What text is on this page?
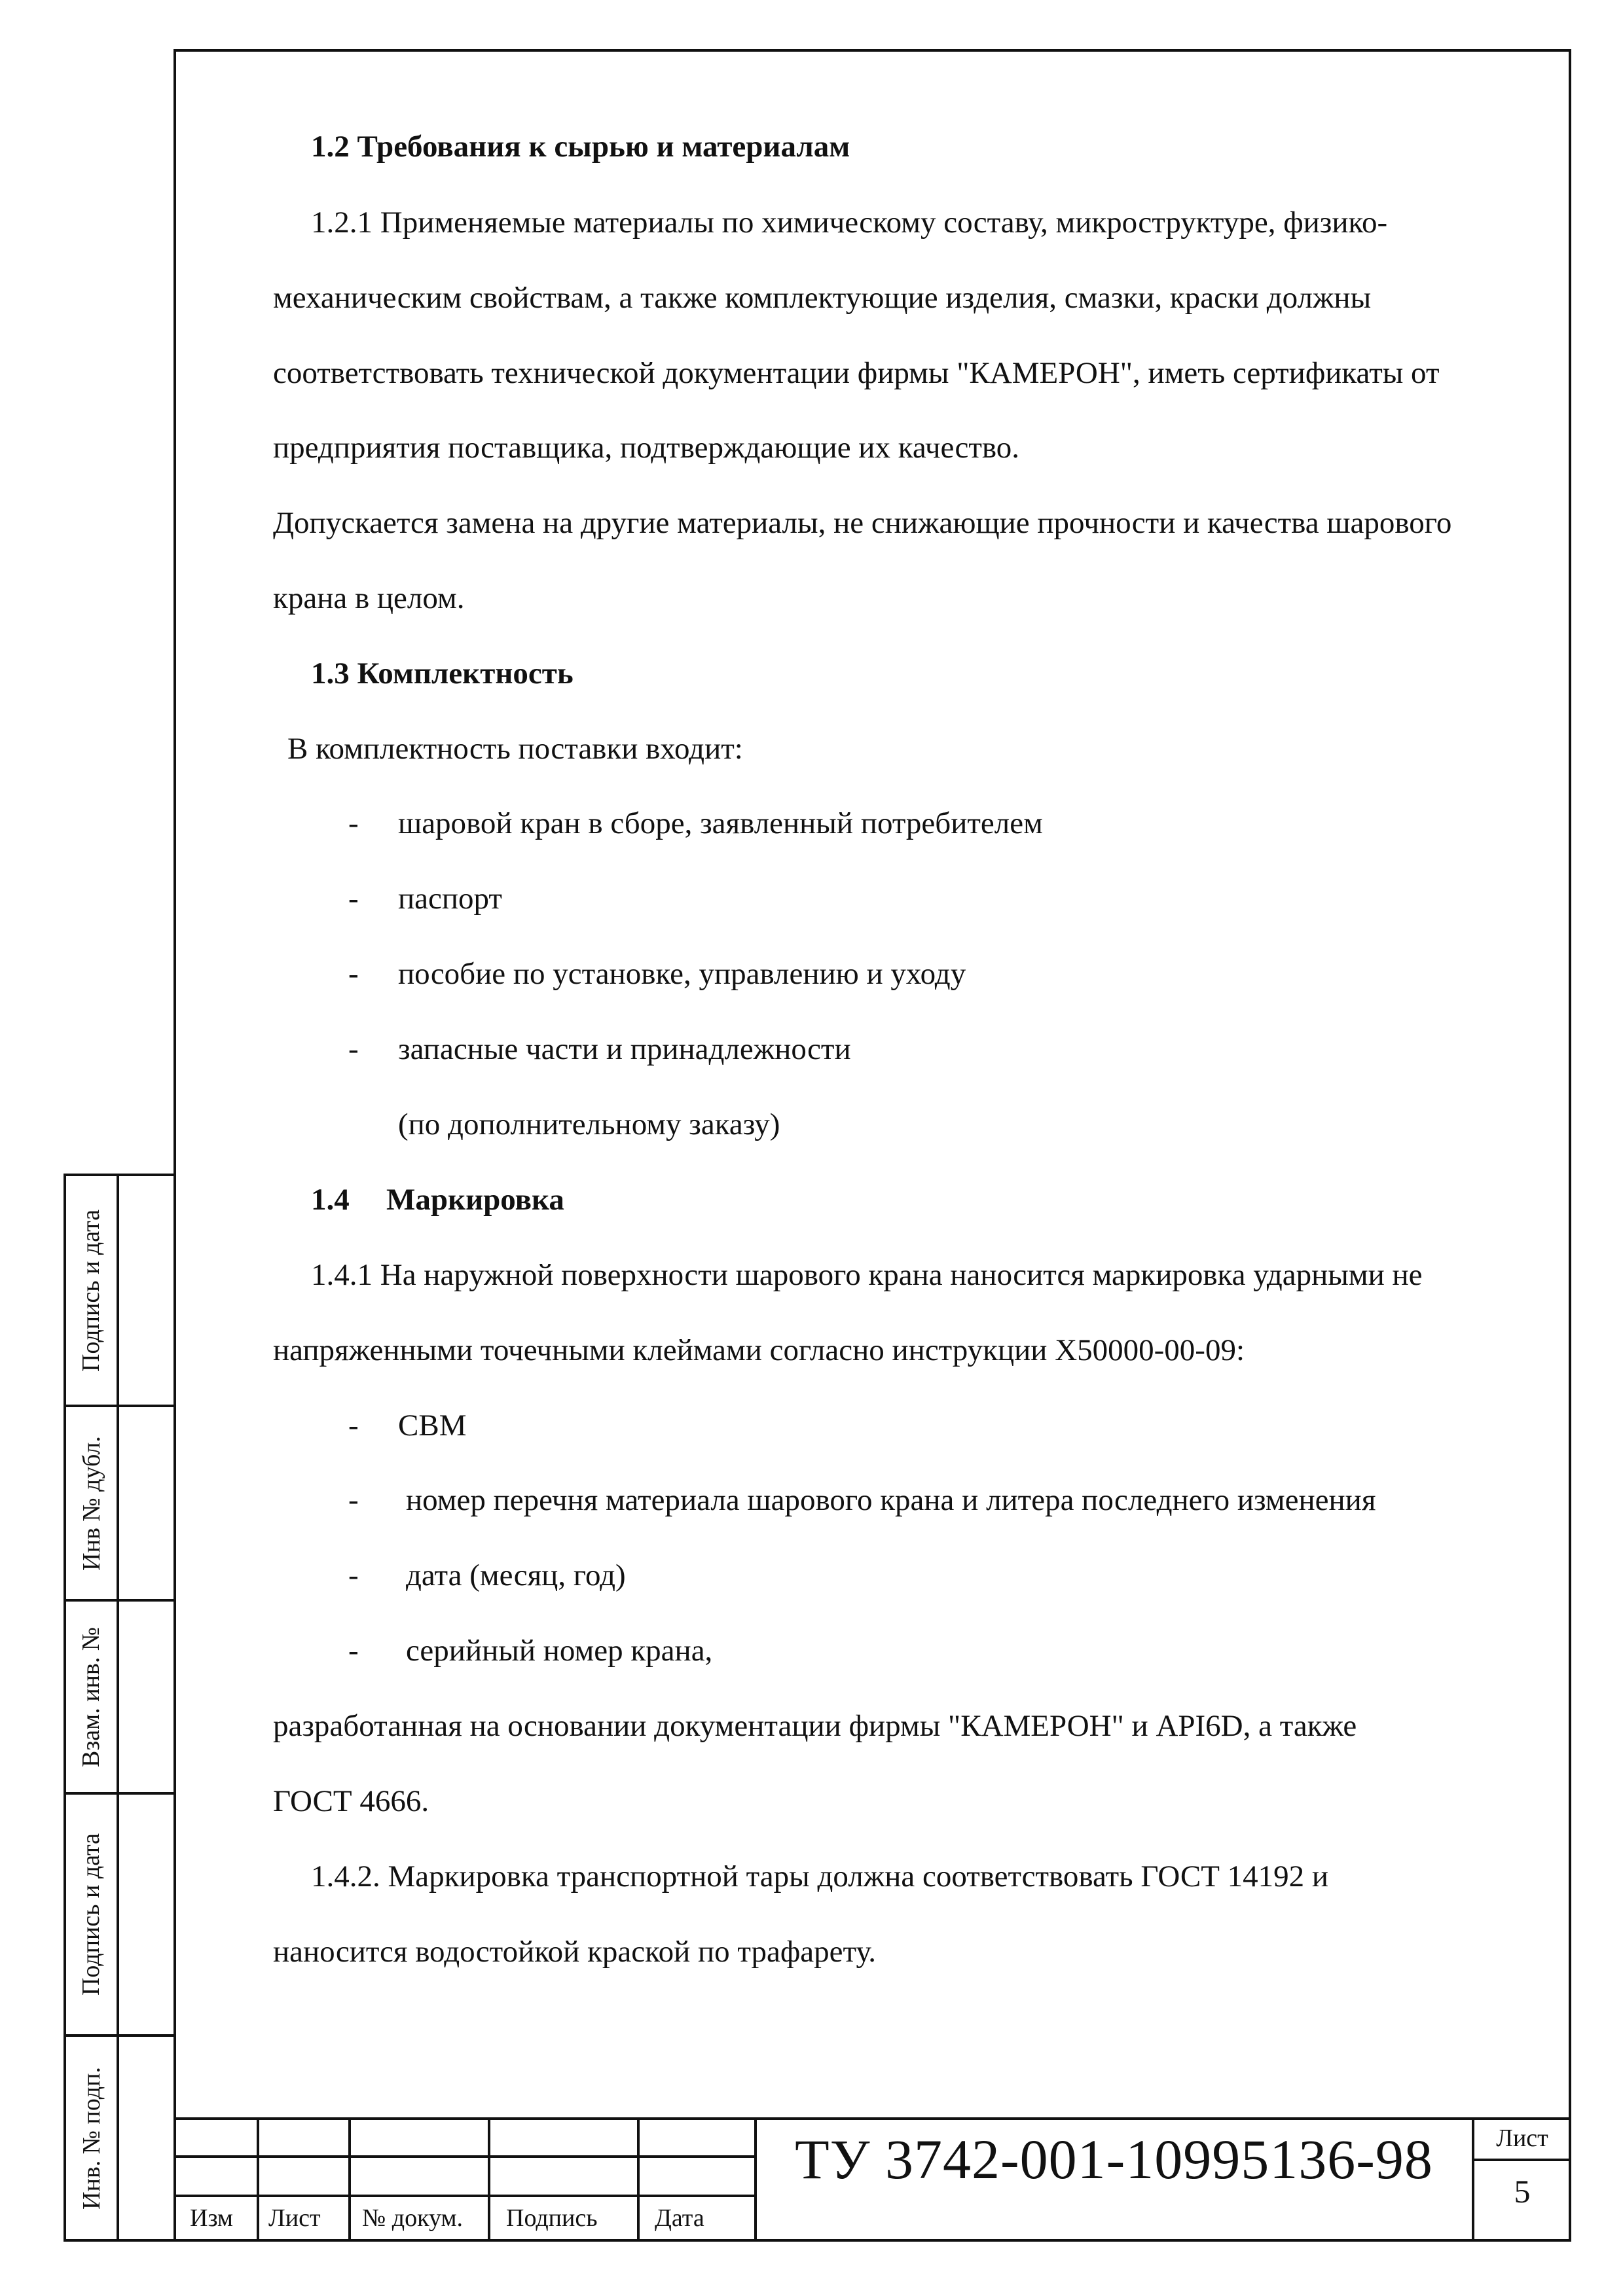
1.2 Требования к сырью и материалам

1.2.1 Применяемые материалы по химическому составу, микроструктуре, физико-

механическим свойствам, а также комплектующие изделия, смазки, краски должны

соответствовать технической документации фирмы "КАМЕРОН", иметь сертификаты от

предприятия поставщика, подтверждающие их качество.

Допускается замена на другие материалы, не снижающие прочности и качества шарового

крана в целом.

1.3 Комплектность

В комплектность поставки входит:

- шаровой кран в сборе, заявленный потребителем

- паспорт

- пособие по установке, управлению и уходу

- запасные части и принадлежности

(по дополнительному заказу)

1.4 Маркировка

1.4.1 На наружной поверхности шарового крана наносится маркировка ударными не

напряженными точечными клеймами согласно инструкции Х50000-00-09:

- СВМ

- номер перечня материала шарового крана и литера последнего изменения

- дата (месяц, год)

- серийный номер крана,

разработанная на основании документации фирмы "КАМЕРОН" и API6D, а также

ГОСТ 4666.

1.4.2. Маркировка транспортной тары должна соответствовать ГОСТ 14192 и

наносится водостойкой краской по трафарету.

Подпись и дата
Инв № дубл.
Взам. инв. №
Подпись и дата
Инв. № подп.
Изм Лист № докум. Подпись Дата
ТУ 3742-001-10995136-98	Лист
5
